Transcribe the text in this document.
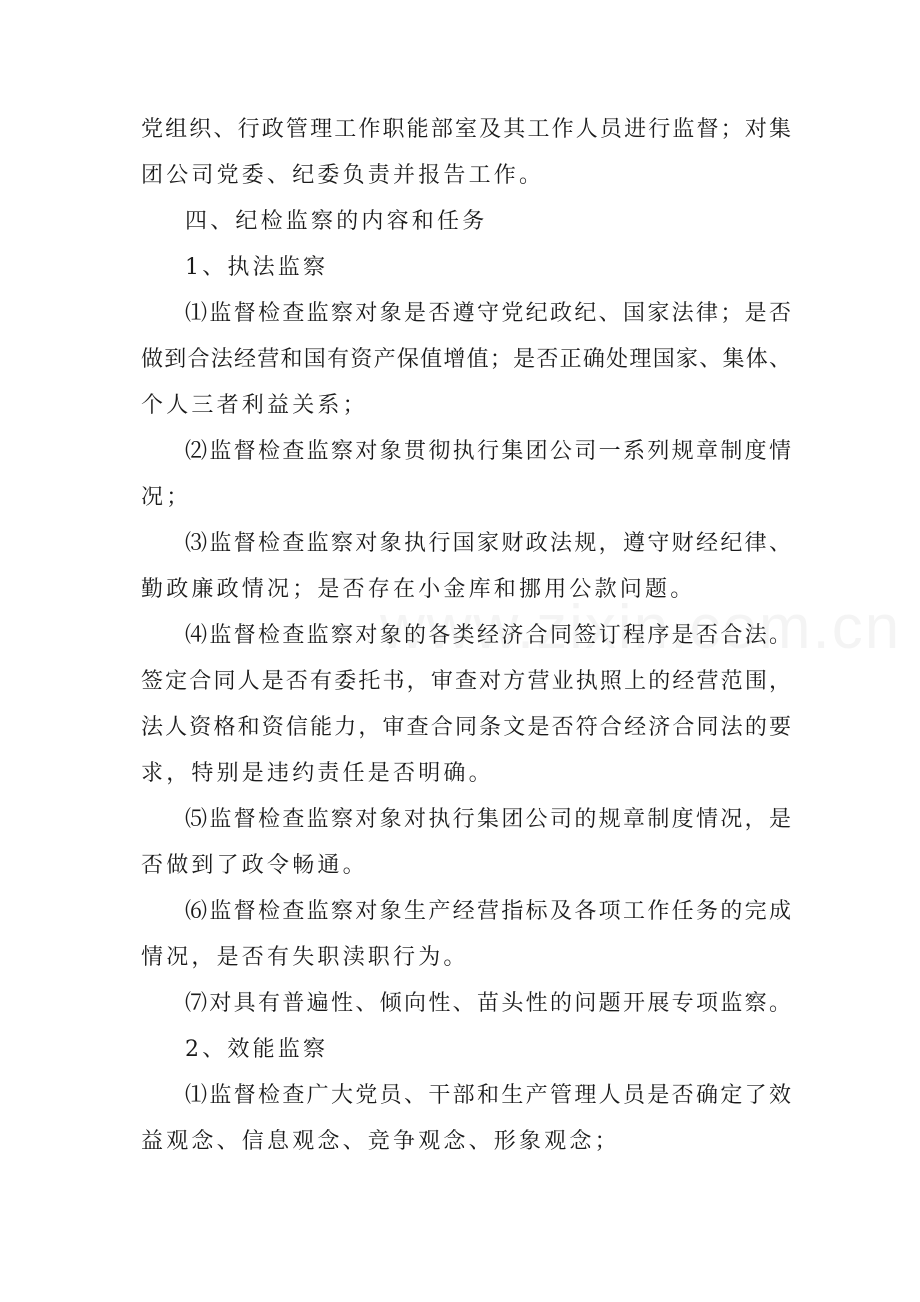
党组织、行政管理工作职能部室及其工作人员进行监督；对集
团公司党委、纪委负责并报告工作。
四、纪检监察的内容和任务
1、执法监察
⑴监督检查监察对象是否遵守党纪政纪、国家法律；是否
做到合法经营和国有资产保值增值；是否正确处理国家、集体、
个人三者利益关系；
⑵监督检查监察对象贯彻执行集团公司一系列规章制度情
况；
⑶监督检查监察对象执行国家财政法规，遵守财经纪律、
勤政廉政情况；是否存在小金库和挪用公款问题。
⑷监督检查监察对象的各类经济合同签订程序是否合法。
签定合同人是否有委托书，审查对方营业执照上的经营范围，
法人资格和资信能力，审查合同条文是否符合经济合同法的要
求，特别是违约责任是否明确。
⑸监督检查监察对象对执行集团公司的规章制度情况，是
否做到了政令畅通。
⑹监督检查监察对象生产经营指标及各项工作任务的完成
情况，是否有失职渎职行为。
⑺对具有普遍性、倾向性、苗头性的问题开展专项监察。
2、效能监察
⑴监督检查广大党员、干部和生产管理人员是否确定了效
益观念、信息观念、竞争观念、形象观念；
